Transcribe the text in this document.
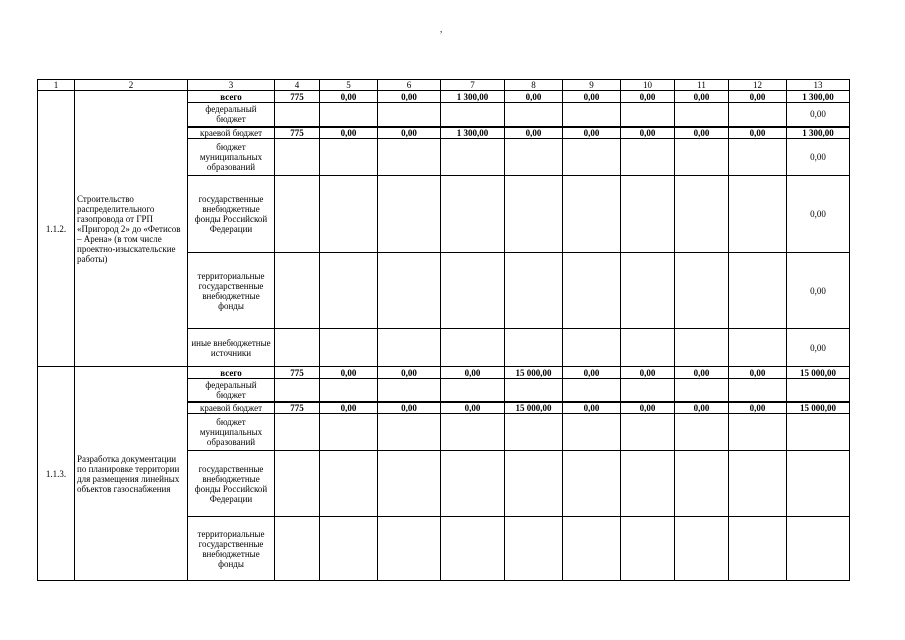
,
1	2	3	4	5	6	7	8	9	10	11	12	13
1.1.2.	Строительство распределительного газопровода от ГРП «Пригород 2» до «Фетисов – Арена» (в том числе проектно-изыскательские работы)	всего	775	0,00	0,00	1 300,00	0,00	0,00	0,00	0,00	0,00	1 300,00
		федеральный бюджет										0,00
		краевой бюджет	775	0,00	0,00	1 300,00	0,00	0,00	0,00	0,00	0,00	1 300,00
		бюджет муниципальных образований										0,00
		государственные внебюджетные фонды Российской Федерации										0,00
		территориальные государственные внебюджетные фонды										0,00
		иные внебюджетные источники										0,00
1.1.3.	Разработка документации по планировке территории для размещения линейных объектов газоснабжения	всего	775	0,00	0,00	0,00	15 000,00	0,00	0,00	0,00	0,00	15 000,00
		федеральный бюджет										
		краевой бюджет	775	0,00	0,00	0,00	15 000,00	0,00	0,00	0,00	0,00	15 000,00
		бюджет муниципальных образований										
		государственные внебюджетные фонды Российской Федерации										
		территориальные государственные внебюджетные фонды										
